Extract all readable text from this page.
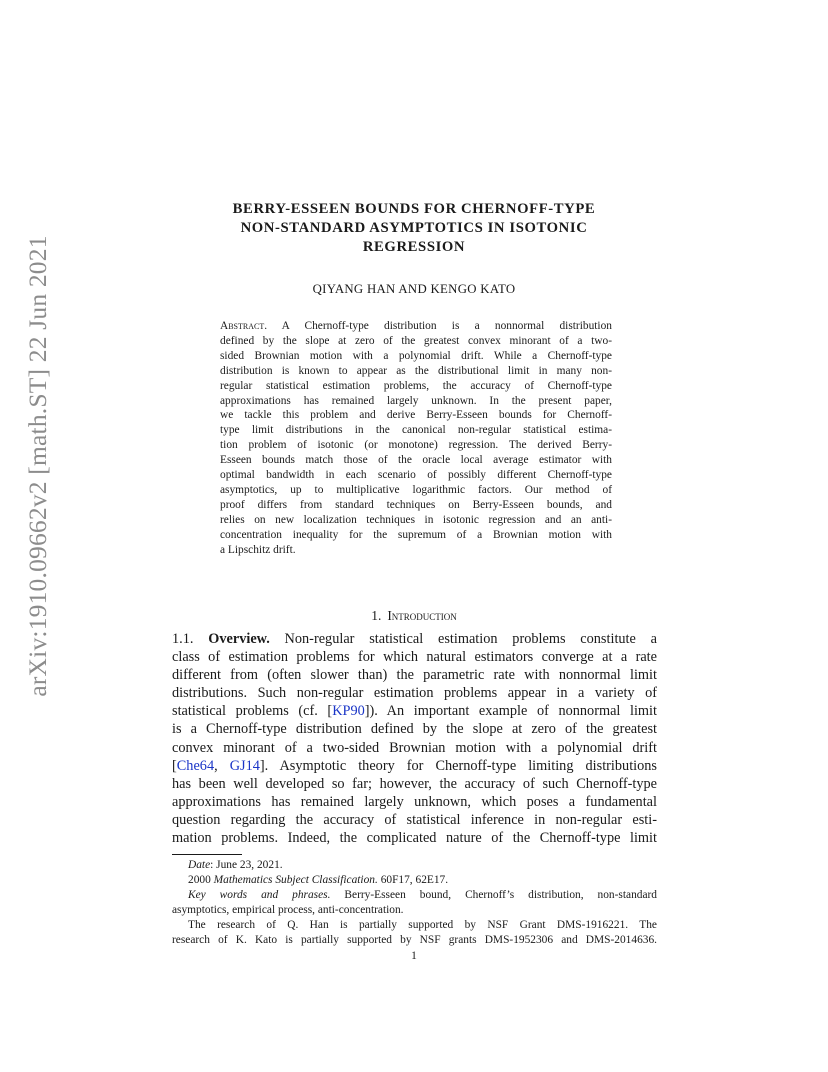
arXiv:1910.09662v2 [math.ST] 22 Jun 2021
BERRY-ESSEEN BOUNDS FOR CHERNOFF-TYPE
NON-STANDARD ASYMPTOTICS IN ISOTONIC
REGRESSION
QIYANG HAN AND KENGO KATO
Abstract. A Chernoff-type distribution is a nonnormal distribution
defined by the slope at zero of the greatest convex minorant of a two-
sided Brownian motion with a polynomial drift. While a Chernoff-type
distribution is known to appear as the distributional limit in many non-
regular statistical estimation problems, the accuracy of Chernoff-type
approximations has remained largely unknown. In the present paper,
we tackle this problem and derive Berry-Esseen bounds for Chernoff-
type limit distributions in the canonical non-regular statistical estima-
tion problem of isotonic (or monotone) regression. The derived Berry-
Esseen bounds match those of the oracle local average estimator with
optimal bandwidth in each scenario of possibly different Chernoff-type
asymptotics, up to multiplicative logarithmic factors. Our method of
proof differs from standard techniques on Berry-Esseen bounds, and
relies on new localization techniques in isotonic regression and an anti-
concentration inequality for the supremum of a Brownian motion with
a Lipschitz drift.
1. Introduction
1.1. Overview. Non-regular statistical estimation problems constitute a
class of estimation problems for which natural estimators converge at a rate
different from (often slower than) the parametric rate with nonnormal limit
distributions. Such non-regular estimation problems appear in a variety of
statistical problems (cf. [KP90]). An important example of nonnormal limit
is a Chernoff-type distribution defined by the slope at zero of the greatest
convex minorant of a two-sided Brownian motion with a polynomial drift
[Che64, GJ14]. Asymptotic theory for Chernoff-type limiting distributions
has been well developed so far; however, the accuracy of such Chernoff-type
approximations has remained largely unknown, which poses a fundamental
question regarding the accuracy of statistical inference in non-regular esti-
mation problems. Indeed, the complicated nature of the Chernoff-type limit
Date: June 23, 2021.
2000 Mathematics Subject Classification. 60F17, 62E17.
Key words and phrases. Berry-Esseen bound, Chernoff’s distribution, non-standard
asymptotics, empirical process, anti-concentration.
The research of Q. Han is partially supported by NSF Grant DMS-1916221. The
research of K. Kato is partially supported by NSF grants DMS-1952306 and DMS-2014636.
1
